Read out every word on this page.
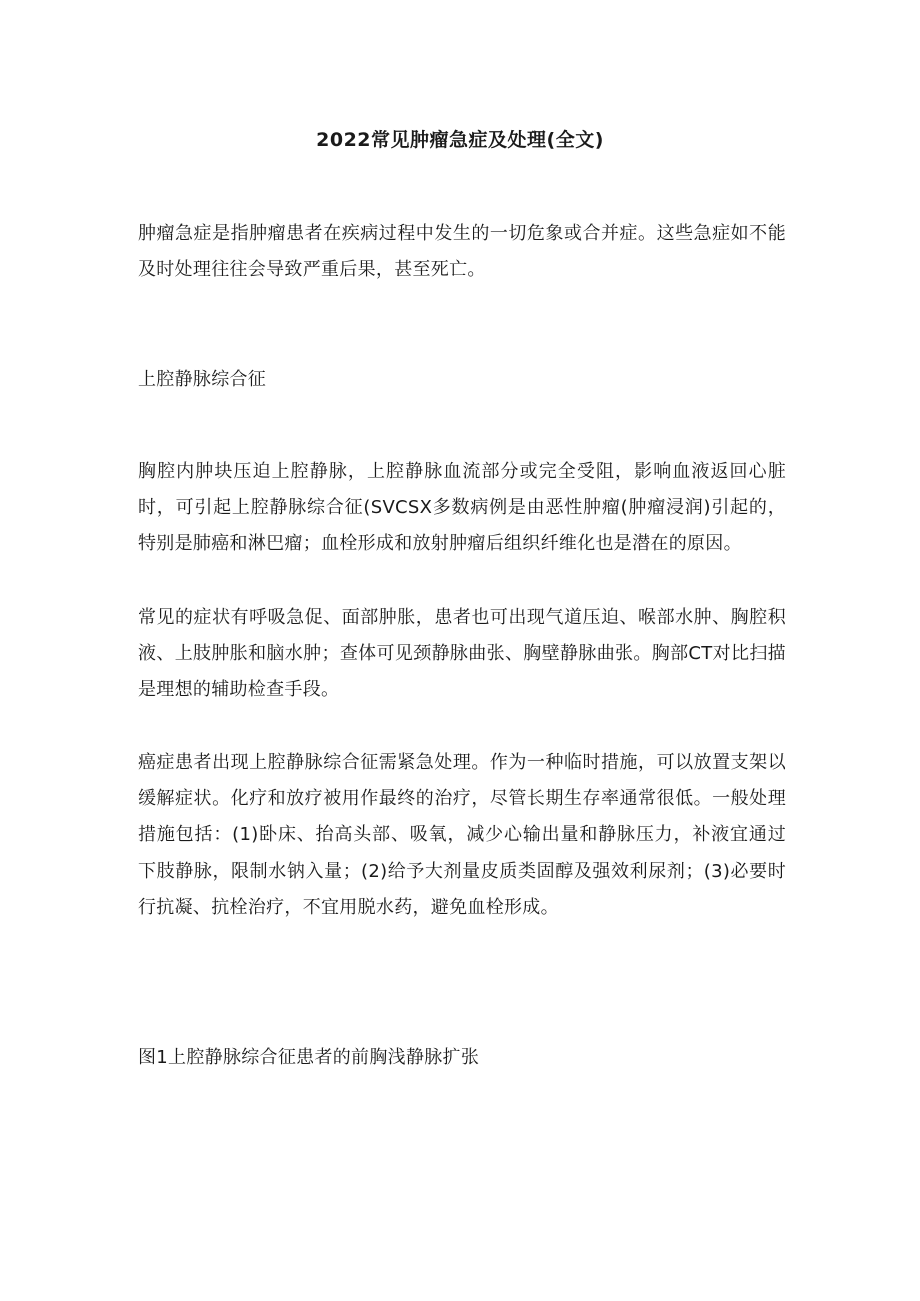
2022常见肿瘤急症及处理(全文)
肿瘤急症是指肿瘤患者在疾病过程中发生的一切危象或合并症。这些急症如不能及时处理往往会导致严重后果，甚至死亡。
上腔静脉综合征
胸腔内肿块压迫上腔静脉，上腔静脉血流部分或完全受阻，影响血液返回心脏时，可引起上腔静脉综合征(SVCSX多数病例是由恶性肿瘤(肿瘤浸润)引起的，特别是肺癌和淋巴瘤；血栓形成和放射肿瘤后组织纤维化也是潜在的原因。
常见的症状有呼吸急促、面部肿胀，患者也可出现气道压迫、喉部水肿、胸腔积液、上肢肿胀和脑水肿；查体可见颈静脉曲张、胸壁静脉曲张。胸部CT对比扫描是理想的辅助检查手段。
癌症患者出现上腔静脉综合征需紧急处理。作为一种临时措施，可以放置支架以缓解症状。化疗和放疗被用作最终的治疗，尽管长期生存率通常很低。一般处理措施包括：(1)卧床、抬高头部、吸氧，减少心输出量和静脉压力，补液宜通过下肢静脉，限制水钠入量；(2)给予大剂量皮质类固醇及强效利尿剂；(3)必要时行抗凝、抗栓治疗，不宜用脱水药，避免血栓形成。
图1上腔静脉综合征患者的前胸浅静脉扩张
